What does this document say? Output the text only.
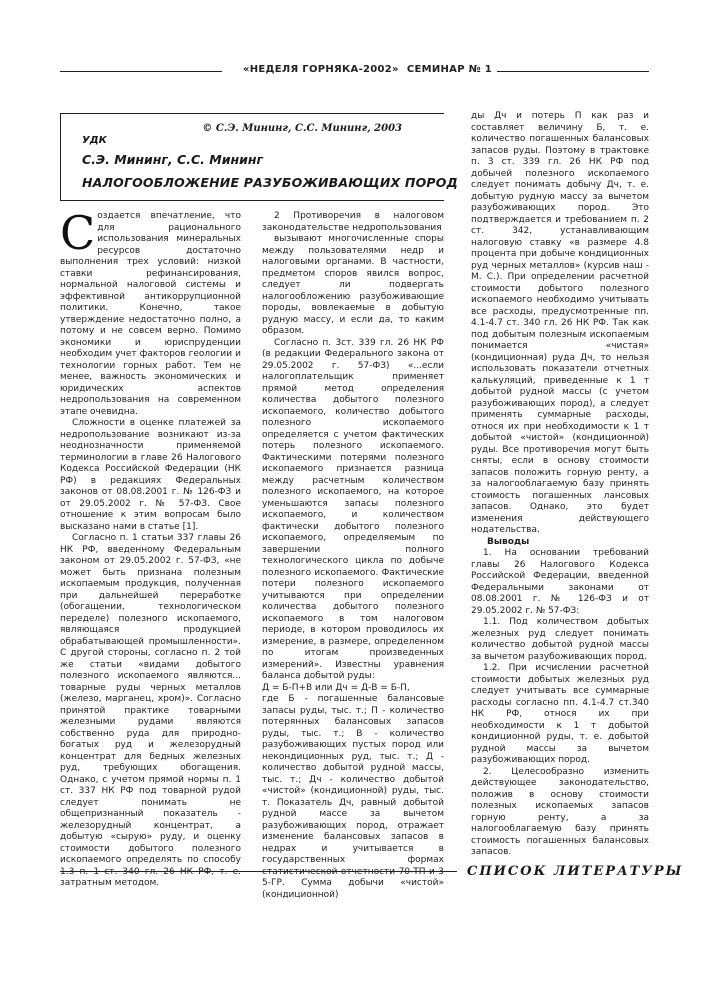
«НЕДЕЛЯ ГОРНЯКА-2002» СЕМИНАР № 1
© С.Э. Мининг, С.С. Мининг, 2003
УДК
С.Э. Мининг, С.С. Мининг
НАЛОГООБЛОЖЕНИЕ РАЗУБОЖИВАЮЩИХ ПОРОД

Создается впечатление, что для рационального использования минеральных ресурсов достаточно выполнения трех условий: низкой ставки рефинансирования, нормальной налоговой системы и эффективной антикоррупционной политики. Конечно, такое утверждение недостаточно полно, а потому и не совсем верно. Помимо экономики и юриспруденции необходим учет факторов геологии и технологии горных работ. Тем не менее, важность экономических и юридических аспектов недропользования на современном этапе очевидна.

Сложности в оценке платежей за недропользование возникают из-за неоднозначности применяемой терминологии в главе 26 Налогового Кодекса Российской Федерации (НК РФ) в редакциях Федеральных законов от 08.08.2001 г. № 126-ФЗ и от 29.05.2002 г. № 57-ФЗ. Свое отношение к этим вопросам было высказано нами в статье [1].

Согласно п. 1 статьи 337 главы 26 НК РФ, введенному Федеральным законом от 29.05.2002 г. 57-ФЗ, «не может быть признана полезным ископаемым продукция, полученная при дальнейшей переработке (обогащении, технологическом переделе) полезного ископаемого, являющаяся продукцией обрабатывающей промышленности». С другой стороны, согласно п. 2 той же статьи «видами добытого полезного ископаемого являются... товарные руды черных металлов (железо, марганец, хром)». Согласно принятой практике товарными железными рудами являются собственно руда для природно-богатых руд и железорудный концентрат для бедных железных руд, требующих обогащения. Однако, с учетом прямой нормы п. 1 ст. 337 НК РФ под товарной рудой следует понимать не общепризнанный показатель - железорудный концентрат, а добытую «сырую» руду, и оценку стоимости добытого полезного ископаемого определять по способу затратным методом.

2 Противоречия в налоговом законодательстве недропользования

вызывают многочисленные споры между пользователями недр и налоговыми органами. В частности, предметом споров явился вопрос, следует ли подвергать налогообложению разубоживающие породы, вовлекаемые в добытую рудную массу, и если да, то каким образом.

Согласно п. 3ст. 339 гл. 26 НК РФ (в редакции Федерального закона от 29.05.2002 г. 57-ФЗ) «...если налогоплательщик применяет прямой метод определения количества добытого полезного ископаемого, количество добытого полезного ископаемого определяется с учетом фактических потерь полезного ископаемого. Фактическими потерями полезного ископаемого признается разница между расчетным количеством полезного ископаемого, на которое уменьшаются запасы полезного ископаемого, и количеством фактически добытого полезного ископаемого, определяемым по завершении полного технологического цикла по добыче полезного ископаемого. Фактические потери полезного ископаемого учитываются при определении количества добытого полезного ископаемого в том налоговом периоде, в котором проводилось их измерение, в размере, определенном по итогам произведенных измерений». Известны уравнения баланса добытой руды:

Д = Б-П+В или Дч = Д-В = Б-П,

где Б - погашенные балансовые запасы руды, тыс. т.; П - количество потерянных балансовых запасов руды, тыс. т.; В - количество разубоживающих пустых пород или некондиционных руд, тыс. т.; Д - количество добытой рудной массы, тыс. т.; Дч - количество добытой «чистой» (кондиционной) руды, тыс. т. Показатель Дч, равный добытой рудной массе за вычетом разубоживающих пород, отражает изменение балансовых запасов в недрах и учитывается в государственных формах 5-ГР. Сумма добычи «чистой» (кондиционной)

ды Дч и потерь П как раз и составляет величину Б, т. е. количество погашенных балансовых запасов руды. Поэтому в трактовке п. 3 ст. 339 гл. 26 НК РФ под добычей полезного ископаемого следует понимать добычу Дч, т. е. добытую рудную массу за вычетом разубоживающих пород. Это подтверждается и требованием п. 2 ст. 342, устанавливающим налоговую ставку «в размере 4.8 процента при добыче кондиционных руд черных металлов» (курсив наш - М. С.). При определении расчетной стоимости добытого полезного ископаемого необходимо учитывать все расходы, предусмотренные пп. 4.1-4.7 ст. 340 гл. 26 НК РФ. Так как под добытым полезным ископаемым понимается «чистая» (кондиционная) руда Дч, то нельзя использовать показатели отчетных калькуляций, приведенные к 1 т добытой рудной массы (с учетом разубоживающих пород), а следует применять суммарные расходы, относя их при необходимости к 1 т добытой «чистой» (кондиционной) руды. Все противоречия могут быть сняты, если в основу стоимости запасов положить горную ренту, а за налогооблагаемую базу принять стоимость погашенных лансовых запасов. Однако, это будет изменения действующего нодательства.

Выводы

1. На основании требований главы 26 Налогового Кодекса Российской Федерации, введенной Федеральными законами от 08.08.2001 г. № 126-ФЗ и от 29.05.2002 г. № 57-ФЗ:

1.1. Под количеством добытых железных руд следует понимать количество добытой рудной массы за вычетом разубоживающих пород.

1.2. При исчислении расчетной стоимости добытых железных руд следует учитывать все суммарные расходы согласно пп. 4.1-4.7 ст.340 НК РФ, относя их при необходимости к 1 т добытой кондиционной руды, т. е. добытой рудной массы за вычетом разубоживающих пород.

2. Целесообразно изменить действующее законодательство, положив в основу стоимости полезных ископаемых запасов горную ренту, а за налогооблагаемую базу принять стоимость погашенных балансовых запасов.

СПИСОК ЛИТЕРАТУРЫ
